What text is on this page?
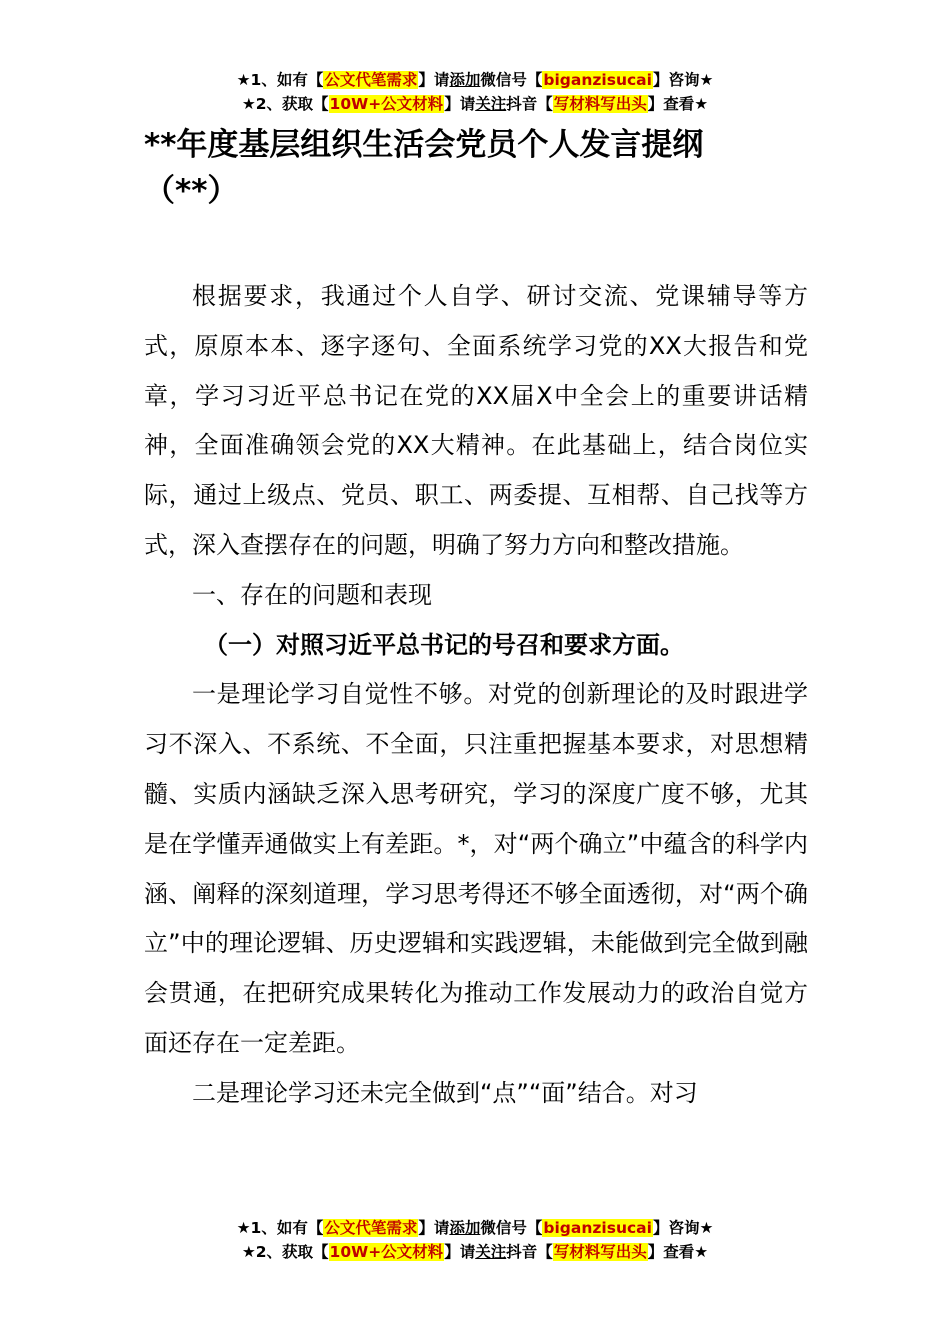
★1、如有【公文代笔需求】请添加微信号【biganzisucai】咨询★
★2、获取【10W+公文材料】请关注抖音【写材料写出头】查看★
**年度基层组织生活会党员个人发言提纲
（**）

根据要求，我通过个人自学、研讨交流、党课辅导等方式，原原本本、逐字逐句、全面系统学习党的XX大报告和党章，学习习近平总书记在党的XX届X中全会上的重要讲话精神，全面准确领会党的XX大精神。在此基础上，结合岗位实际，通过上级点、党员、职工、两委提、互相帮、自己找等方式，深入查摆存在的问题，明确了努力方向和整改措施。

一、存在的问题和表现

（一）对照习近平总书记的号召和要求方面。

一是理论学习自觉性不够。对党的创新理论的及时跟进学习不深入、不系统、不全面，只注重把握基本要求，对思想精髓、实质内涵缺乏深入思考研究，学习的深度广度不够，尤其是在学懂弄通做实上有差距。*，对“两个确立”中蕴含的科学内涵、阐释的深刻道理，学习思考得还不够全面透彻，对“两个确立”中的理论逻辑、历史逻辑和实践逻辑，未能做到完全做到融会贯通，在把研究成果转化为推动工作发展动力的政治自觉方面还存在一定差距。

二是理论学习还未完全做到“点”“面”结合。对习

★1、如有【公文代笔需求】请添加微信号【biganzisucai】咨询★
★2、获取【10W+公文材料】请关注抖音【写材料写出头】查看★
